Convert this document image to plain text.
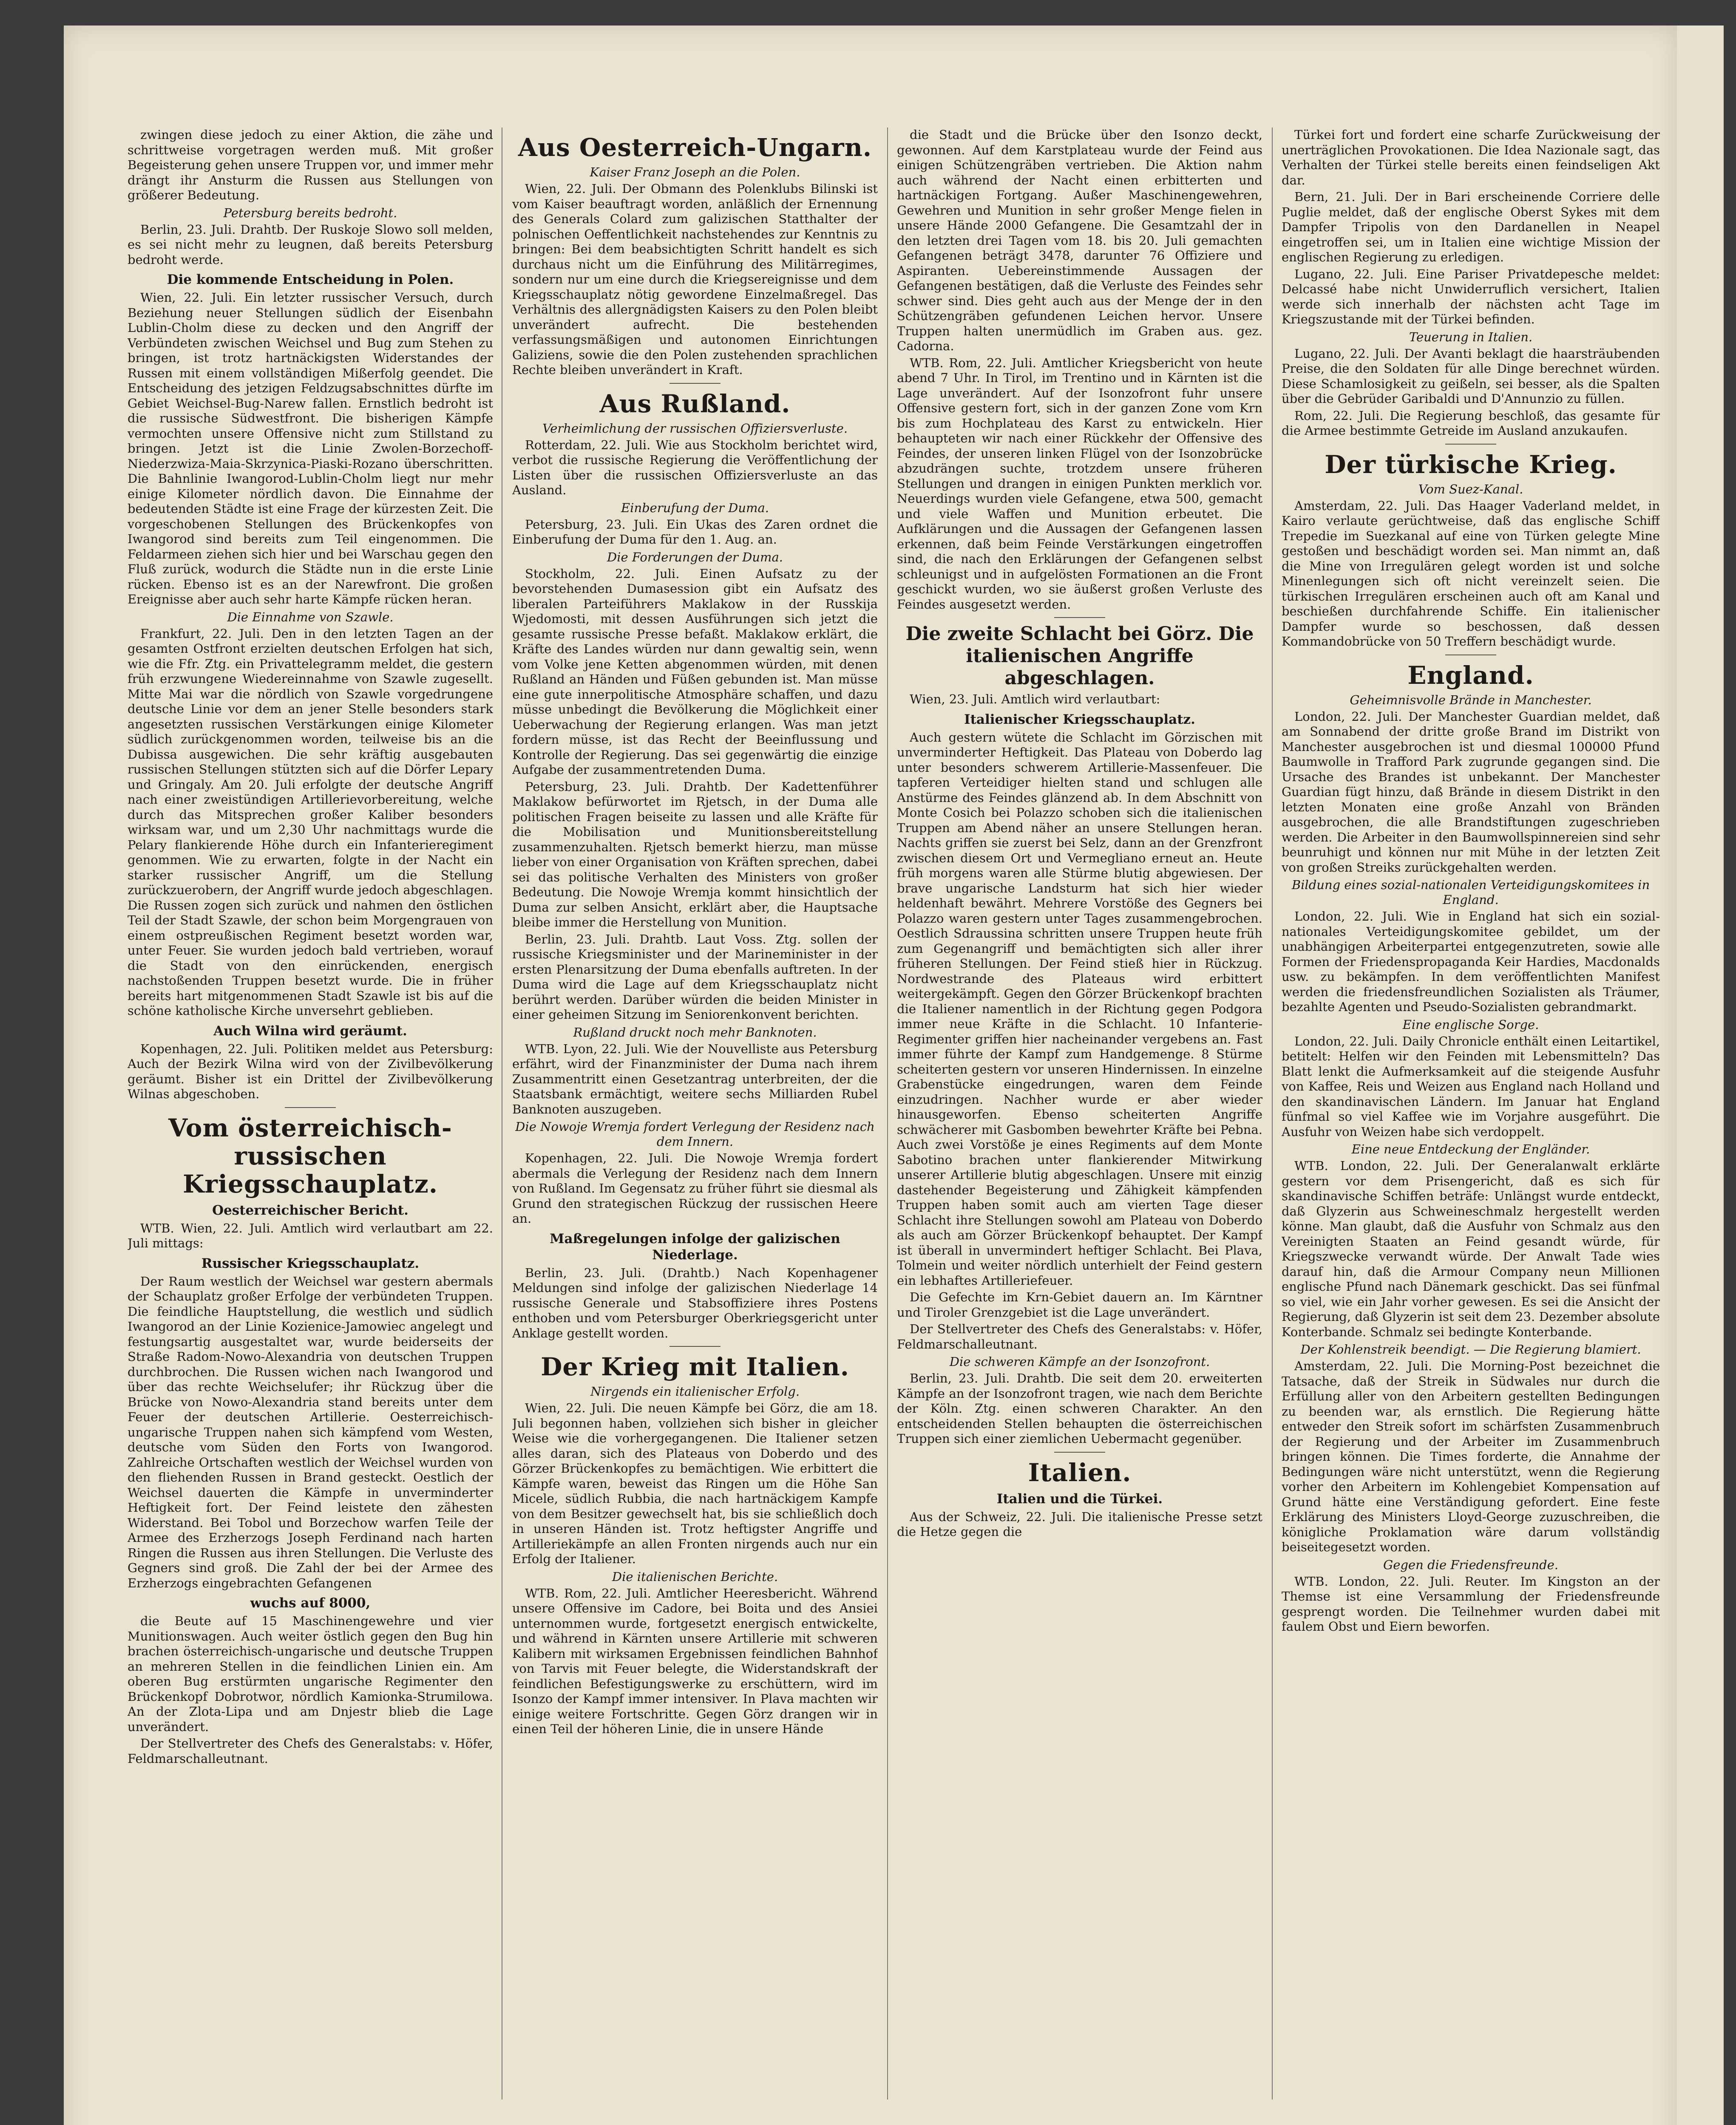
zwingen diese jedoch zu einer Aktion, die zähe und schrittweise vorgetragen werden muß. Mit großer Begeisterung gehen unsere Truppen vor, und immer mehr drängt ihr Ansturm die Russen aus Stellungen von größerer Bedeutung.

Petersburg bereits bedroht.

Berlin, 23. Juli. Drahtb. Der Ruskoje Slowo soll melden, es sei nicht mehr zu leugnen, daß bereits Petersburg bedroht werde.

Die kommende Entscheidung in Polen.

Wien, 22. Juli. Ein letzter russischer Versuch, durch Beziehung neuer Stellungen südlich der Eisenbahn Lublin-Cholm diese zu decken und den Angriff der Verbündeten zwischen Weichsel und Bug zum Stehen zu bringen, ist trotz hartnäckigsten Widerstandes der Russen mit einem vollständigen Mißerfolg geendet. Die Entscheidung des jetzigen Feldzugsabschnittes dürfte im Gebiet Weichsel-Bug-Narew fallen. Ernstlich bedroht ist die russische Südwestfront. Die bisherigen Kämpfe vermochten unsere Offensive nicht zum Stillstand zu bringen. Jetzt ist die Linie Zwolen-Borzechoff-Niederzwiza-Maia-Skrzynica-Piaski-Rozano überschritten. Die Bahnlinie Iwangorod-Lublin-Cholm liegt nur mehr einige Kilometer nördlich davon. Die Einnahme der bedeutenden Städte ist eine Frage der kürzesten Zeit. Die vorgeschobenen Stellungen des Brückenkopfes von Iwangorod sind bereits zum Teil eingenommen. Die Feldarmeen ziehen sich hier und bei Warschau gegen den Fluß zurück, wodurch die Städte nun in die erste Linie rücken. Ebenso ist es an der Narewfront. Die großen Ereignisse aber auch sehr harte Kämpfe rücken heran.

Die Einnahme von Szawle.

Frankfurt, 22. Juli. Den in den letzten Tagen an der gesamten Ostfront erzielten deutschen Erfolgen hat sich, wie die Ffr. Ztg. ein Privattelegramm meldet, die gestern früh erzwungene Wiedereinnahme von Szawle zugesellt. Mitte Mai war die nördlich von Szawle vorgedrungene deutsche Linie vor dem an jener Stelle besonders stark angesetzten russischen Verstärkungen einige Kilometer südlich zurückgenommen worden, teilweise bis an die Dubissa ausgewichen. Die sehr kräftig ausgebauten russischen Stellungen stützten sich auf die Dörfer Lepary und Gringaly. Am 20. Juli erfolgte der deutsche Angriff nach einer zweistündigen Artillerievorbereitung, welche durch das Mitsprechen großer Kaliber besonders wirksam war, und um 2,30 Uhr nachmittags wurde die Pelary flankierende Höhe durch ein Infanterieregiment genommen. Wie zu erwarten, folgte in der Nacht ein starker russischer Angriff, um die Stellung zurückzuerobern, der Angriff wurde jedoch abgeschlagen. Die Russen zogen sich zurück und nahmen den östlichen Teil der Stadt Szawle, der schon beim Morgengrauen von einem ostpreußischen Regiment besetzt worden war, unter Feuer. Sie wurden jedoch bald vertrieben, worauf die Stadt von den einrückenden, energisch nachstoßenden Truppen besetzt wurde. Die in früher bereits hart mitgenommenen Stadt Szawle ist bis auf die schöne katholische Kirche unversehrt geblieben.

Auch Wilna wird geräumt.

Kopenhagen, 22. Juli. Politiken meldet aus Petersburg: Auch der Bezirk Wilna wird von der Zivilbevölkerung geräumt. Bisher ist ein Drittel der Zivilbevölkerung Wilnas abgeschoben.

Vom österreichisch-russischen Kriegsschauplatz.
Oesterreichischer Bericht.

WTB. Wien, 22. Juli. Amtlich wird verlautbart am 22. Juli mittags:

Russischer Kriegsschauplatz.

Der Raum westlich der Weichsel war gestern abermals der Schauplatz großer Erfolge der verbündeten Truppen. Die feindliche Hauptstellung, die westlich und südlich Iwangorod an der Linie Kozienice-Jamowiec angelegt und festungsartig ausgestaltet war, wurde beiderseits der Straße Radom-Nowo-Alexandria von deutschen Truppen durchbrochen. Die Russen wichen nach Iwangorod und über das rechte Weichselufer; ihr Rückzug über die Brücke von Nowo-Alexandria stand bereits unter dem Feuer der deutschen Artillerie. Oesterreichisch-ungarische Truppen nahen sich kämpfend vom Westen, deutsche vom Süden den Forts von Iwangorod. Zahlreiche Ortschaften westlich der Weichsel wurden von den fliehenden Russen in Brand gesteckt. Oestlich der Weichsel dauerten die Kämpfe in unverminderter Heftigkeit fort. Der Feind leistete den zähesten Widerstand. Bei Tobol und Borzechow warfen Teile der Armee des Erzherzogs Joseph Ferdinand nach harten Ringen die Russen aus ihren Stellungen. Die Verluste des Gegners sind groß. Die Zahl der bei der Armee des Erzherzogs eingebrachten Gefangenen

wuchs auf 8000,

die Beute auf 15 Maschinengewehre und vier Munitionswagen. Auch weiter östlich gegen den Bug hin brachen österreichisch-ungarische und deutsche Truppen an mehreren Stellen in die feindlichen Linien ein. Am oberen Bug erstürmten ungarische Regimenter den Brückenkopf Dobrotwor, nördlich Kamionka-Strumilowa. An der Zlota-Lipa und am Dnjestr blieb die Lage unverändert.

Der Stellvertreter des Chefs des Generalstabs: v. Höfer, Feldmarschalleutnant.

Aus Oesterreich-Ungarn.
Kaiser Franz Joseph an die Polen.

Wien, 22. Juli. Der Obmann des Polenklubs Bilinski ist vom Kaiser beauftragt worden, anläßlich der Ernennung des Generals Colard zum galizischen Statthalter der polnischen Oeffentlichkeit nachstehendes zur Kenntnis zu bringen: Bei dem beabsichtigten Schritt handelt es sich durchaus nicht um die Einführung des Militärregimes, sondern nur um eine durch die Kriegsereignisse und dem Kriegsschauplatz nötig gewordene Einzelmaßregel. Das Verhältnis des allergnädigsten Kaisers zu den Polen bleibt unverändert aufrecht. Die bestehenden verfassungsmäßigen und autonomen Einrichtungen Galiziens, sowie die den Polen zustehenden sprachlichen Rechte bleiben unverändert in Kraft.

Aus Rußland.
Verheimlichung der russischen Offiziersverluste.

Rotterdam, 22. Juli. Wie aus Stockholm berichtet wird, verbot die russische Regierung die Veröffentlichung der Listen über die russischen Offiziersverluste an das Ausland.

Einberufung der Duma.

Petersburg, 23. Juli. Ein Ukas des Zaren ordnet die Einberufung der Duma für den 1. Aug. an.

Die Forderungen der Duma.

Stockholm, 22. Juli. Einen Aufsatz zu der bevorstehenden Dumasession gibt ein Aufsatz des liberalen Parteiführers Maklakow in der Russkija Wjedomosti, mit dessen Ausführungen sich jetzt die gesamte russische Presse befaßt. Maklakow erklärt, die Kräfte des Landes würden nur dann gewaltig sein, wenn vom Volke jene Ketten abgenommen würden, mit denen Rußland an Händen und Füßen gebunden ist. Man müsse eine gute innerpolitische Atmosphäre schaffen, und dazu müsse unbedingt die Bevölkerung die Möglichkeit einer Ueberwachung der Regierung erlangen. Was man jetzt fordern müsse, ist das Recht der Beeinflussung und Kontrolle der Regierung. Das sei gegenwärtig die einzige Aufgabe der zusammentretenden Duma.

Petersburg, 23. Juli. Drahtb. Der Kadettenführer Maklakow befürwortet im Rjetsch, in der Duma alle politischen Fragen beiseite zu lassen und alle Kräfte für die Mobilisation und Munitionsbereitstellung zusammenzuhalten. Rjetsch bemerkt hierzu, man müsse lieber von einer Organisation von Kräften sprechen, dabei sei das politische Verhalten des Ministers von großer Bedeutung. Die Nowoje Wremja kommt hinsichtlich der Duma zur selben Ansicht, erklärt aber, die Hauptsache bleibe immer die Herstellung von Munition.

Berlin, 23. Juli. Drahtb. Laut Voss. Ztg. sollen der russische Kriegsminister und der Marineminister in der ersten Plenarsitzung der Duma ebenfalls auftreten. In der Duma wird die Lage auf dem Kriegsschauplatz nicht berührt werden. Darüber würden die beiden Minister in einer geheimen Sitzung im Seniorenkonvent berichten.

Rußland druckt noch mehr Banknoten.

WTB. Lyon, 22. Juli. Wie der Nouvelliste aus Petersburg erfährt, wird der Finanzminister der Duma nach ihrem Zusammentritt einen Gesetzantrag unterbreiten, der die Staatsbank ermächtigt, weitere sechs Milliarden Rubel Banknoten auszugeben.

Die Nowoje Wremja fordert Verlegung der Residenz nach dem Innern.

Kopenhagen, 22. Juli. Die Nowoje Wremja fordert abermals die Verlegung der Residenz nach dem Innern von Rußland. Im Gegensatz zu früher führt sie diesmal als Grund den strategischen Rückzug der russischen Heere an.

Maßregelungen infolge der galizischen Niederlage.

Berlin, 23. Juli. (Drahtb.) Nach Kopenhagener Meldungen sind infolge der galizischen Niederlage 14 russische Generale und Stabsoffiziere ihres Postens enthoben und vom Petersburger Oberkriegsgericht unter Anklage gestellt worden.

Der Krieg mit Italien.
Nirgends ein italienischer Erfolg.

Wien, 22. Juli. Die neuen Kämpfe bei Görz, die am 18. Juli begonnen haben, vollziehen sich bisher in gleicher Weise wie die vorhergegangenen. Die Italiener setzen alles daran, sich des Plateaus von Doberdo und des Görzer Brückenkopfes zu bemächtigen. Wie erbittert die Kämpfe waren, beweist das Ringen um die Höhe San Micele, südlich Rubbia, die nach hartnäckigem Kampfe von dem Besitzer gewechselt hat, bis sie schließlich doch in unseren Händen ist. Trotz heftigster Angriffe und Artilleriekämpfe an allen Fronten nirgends auch nur ein Erfolg der Italiener.

Die italienischen Berichte.

WTB. Rom, 22. Juli. Amtlicher Heeresbericht. Während unsere Offensive im Cadore, bei Boita und des Ansiei unternommen wurde, fortgesetzt energisch entwickelte, und während in Kärnten unsere Artillerie mit schweren Kalibern mit wirksamen Ergebnissen feindlichen Bahnhof von Tarvis mit Feuer belegte, die Widerstandskraft der feindlichen Befestigungswerke zu erschüttern, wird im Isonzo der Kampf immer intensiver. In Plava machten wir einige weitere Fortschritte. Gegen Görz drangen wir in einen Teil der höheren Linie, die in unsere Hände

die Stadt und die Brücke über den Isonzo deckt, gewonnen. Auf dem Karstplateau wurde der Feind aus einigen Schützengräben vertrieben. Die Aktion nahm auch während der Nacht einen erbitterten und hartnäckigen Fortgang. Außer Maschinengewehren, Gewehren und Munition in sehr großer Menge fielen in unsere Hände 2000 Gefangene. Die Gesamtzahl der in den letzten drei Tagen vom 18. bis 20. Juli gemachten Gefangenen beträgt 3478, darunter 76 Offiziere und Aspiranten. Uebereinstimmende Aussagen der Gefangenen bestätigen, daß die Verluste des Feindes sehr schwer sind. Dies geht auch aus der Menge der in den Schützengräben gefundenen Leichen hervor. Unsere Truppen halten unermüdlich im Graben aus. gez. Cadorna.

WTB. Rom, 22. Juli. Amtlicher Kriegsbericht von heute abend 7 Uhr. In Tirol, im Trentino und in Kärnten ist die Lage unverändert. Auf der Isonzofront fuhr unsere Offensive gestern fort, sich in der ganzen Zone vom Krn bis zum Hochplateau des Karst zu entwickeln. Hier behaupteten wir nach einer Rückkehr der Offensive des Feindes, der unseren linken Flügel von der Isonzobrücke abzudrängen suchte, trotzdem unsere früheren Stellungen und drangen in einigen Punkten merklich vor. Neuerdings wurden viele Gefangene, etwa 500, gemacht und viele Waffen und Munition erbeutet. Die Aufklärungen und die Aussagen der Gefangenen lassen erkennen, daß beim Feinde Verstärkungen eingetroffen sind, die nach den Erklärungen der Gefangenen selbst schleunigst und in aufgelösten Formationen an die Front geschickt wurden, wo sie äußerst großen Verluste des Feindes ausgesetzt werden.

Die zweite Schlacht bei Görz. Die italienischen Angriffe abgeschlagen.

Wien, 23. Juli. Amtlich wird verlautbart:

Italienischer Kriegsschauplatz.

Auch gestern wütete die Schlacht im Görzischen mit unverminderter Heftigkeit. Das Plateau von Doberdo lag unter besonders schwerem Artillerie-Massenfeuer. Die tapferen Verteidiger hielten stand und schlugen alle Anstürme des Feindes glänzend ab. In dem Abschnitt von Monte Cosich bei Polazzo schoben sich die italienischen Truppen am Abend näher an unsere Stellungen heran. Nachts griffen sie zuerst bei Selz, dann an der Grenzfront zwischen diesem Ort und Vermegliano erneut an. Heute früh morgens waren alle Stürme blutig abgewiesen. Der brave ungarische Landsturm hat sich hier wieder heldenhaft bewährt. Mehrere Vorstöße des Gegners bei Polazzo waren gestern unter Tages zusammengebrochen. Oestlich Sdraussina schritten unsere Truppen heute früh zum Gegenangriff und bemächtigten sich aller ihrer früheren Stellungen. Der Feind stieß hier in Rückzug. Nordwestrande des Plateaus wird erbittert weitergekämpft. Gegen den Görzer Brückenkopf brachten die Italiener namentlich in der Richtung gegen Podgora immer neue Kräfte in die Schlacht. 10 Infanterie-Regimenter griffen hier nacheinander vergebens an. Fast immer führte der Kampf zum Handgemenge. 8 Stürme scheiterten gestern vor unseren Hindernissen. In einzelne Grabenstücke eingedrungen, waren dem Feinde einzudringen. Nachher wurde er aber wieder hinausgeworfen. Ebenso scheiterten Angriffe schwächerer mit Gasbomben bewehrter Kräfte bei Pebna. Auch zwei Vorstöße je eines Regiments auf dem Monte Sabotino brachen unter flankierender Mitwirkung unserer Artillerie blutig abgeschlagen. Unsere mit einzig dastehender Begeisterung und Zähigkeit kämpfenden Truppen haben somit auch am vierten Tage dieser Schlacht ihre Stellungen sowohl am Plateau von Doberdo als auch am Görzer Brückenkopf behauptet. Der Kampf ist überall in unvermindert heftiger Schlacht. Bei Plava, Tolmein und weiter nördlich unterhielt der Feind gestern ein lebhaftes Artilleriefeuer.

Die Gefechte im Krn-Gebiet dauern an. Im Kärntner und Tiroler Grenzgebiet ist die Lage unverändert.

Der Stellvertreter des Chefs des Generalstabs: v. Höfer, Feldmarschalleutnant.

Die schweren Kämpfe an der Isonzofront.

Berlin, 23. Juli. Drahtb. Die seit dem 20. erweiterten Kämpfe an der Isonzofront tragen, wie nach dem Berichte der Köln. Ztg. einen schweren Charakter. An den entscheidenden Stellen behaupten die österreichischen Truppen sich einer ziemlichen Uebermacht gegenüber.

Italien.
Italien und die Türkei.

Aus der Schweiz, 22. Juli. Die italienische Presse setzt die Hetze gegen die

Türkei fort und fordert eine scharfe Zurückweisung der unerträglichen Provokationen. Die Idea Nazionale sagt, das Verhalten der Türkei stelle bereits einen feindseligen Akt dar.

Bern, 21. Juli. Der in Bari erscheinende Corriere delle Puglie meldet, daß der englische Oberst Sykes mit dem Dampfer Tripolis von den Dardanellen in Neapel eingetroffen sei, um in Italien eine wichtige Mission der englischen Regierung zu erledigen.

Lugano, 22. Juli. Eine Pariser Privatdepesche meldet: Delcassé habe nicht Unwiderruflich versichert, Italien werde sich innerhalb der nächsten acht Tage im Kriegszustande mit der Türkei befinden.

Teuerung in Italien.

Lugano, 22. Juli. Der Avanti beklagt die haarsträubenden Preise, die den Soldaten für alle Dinge berechnet würden. Diese Schamlosigkeit zu geißeln, sei besser, als die Spalten über die Gebrüder Garibaldi und D'Annunzio zu füllen.

Rom, 22. Juli. Die Regierung beschloß, das gesamte für die Armee bestimmte Getreide im Ausland anzukaufen.

Der türkische Krieg.
Vom Suez-Kanal.

Amsterdam, 22. Juli. Das Haager Vaderland meldet, in Kairo verlaute gerüchtweise, daß das englische Schiff Trepedie im Suezkanal auf eine von Türken gelegte Mine gestoßen und beschädigt worden sei. Man nimmt an, daß die Mine von Irregulären gelegt worden ist und solche Minenlegungen sich oft nicht vereinzelt seien. Die türkischen Irregulären erscheinen auch oft am Kanal und beschießen durchfahrende Schiffe. Ein italienischer Dampfer wurde so beschossen, daß dessen Kommandobrücke von 50 Treffern beschädigt wurde.

England.
Geheimnisvolle Brände in Manchester.

London, 22. Juli. Der Manchester Guardian meldet, daß am Sonnabend der dritte große Brand im Distrikt von Manchester ausgebrochen ist und diesmal 100000 Pfund Baumwolle in Trafford Park zugrunde gegangen sind. Die Ursache des Brandes ist unbekannt. Der Manchester Guardian fügt hinzu, daß Brände in diesem Distrikt in den letzten Monaten eine große Anzahl von Bränden ausgebrochen, die alle Brandstiftungen zugeschrieben werden. Die Arbeiter in den Baumwollspinnereien sind sehr beunruhigt und können nur mit Mühe in der letzten Zeit von großen Streiks zurückgehalten werden.

Bildung eines sozial-nationalen Verteidigungskomitees in England.

London, 22. Juli. Wie in England hat sich ein sozial-nationales Verteidigungskomitee gebildet, um der unabhängigen Arbeiterpartei entgegenzutreten, sowie alle Formen der Friedenspropaganda Keir Hardies, Macdonalds usw. zu bekämpfen. In dem veröffentlichten Manifest werden die friedensfreundlichen Sozialisten als Träumer, bezahlte Agenten und Pseudo-Sozialisten gebrandmarkt.

Eine englische Sorge.

London, 22. Juli. Daily Chronicle enthält einen Leitartikel, betitelt: Helfen wir den Feinden mit Lebensmitteln? Das Blatt lenkt die Aufmerksamkeit auf die steigende Ausfuhr von Kaffee, Reis und Weizen aus England nach Holland und den skandinavischen Ländern. Im Januar hat England fünfmal so viel Kaffee wie im Vorjahre ausgeführt. Die Ausfuhr von Weizen habe sich verdoppelt.

Eine neue Entdeckung der Engländer.

WTB. London, 22. Juli. Der Generalanwalt erklärte gestern vor dem Prisengericht, daß es sich für skandinavische Schiffen beträfe: Unlängst wurde entdeckt, daß Glyzerin aus Schweineschmalz hergestellt werden könne. Man glaubt, daß die Ausfuhr von Schmalz aus den Vereinigten Staaten an Feind gesandt würde, für Kriegszwecke verwandt würde. Der Anwalt Tade wies darauf hin, daß die Armour Company neun Millionen englische Pfund nach Dänemark geschickt. Das sei fünfmal so viel, wie ein Jahr vorher gewesen. Es sei die Ansicht der Regierung, daß Glyzerin ist seit dem 23. Dezember absolute Konterbande. Schmalz sei bedingte Konterbande.

Der Kohlenstreik beendigt. — Die Regierung blamiert.

Amsterdam, 22. Juli. Die Morning-Post bezeichnet die Tatsache, daß der Streik in Südwales nur durch die Erfüllung aller von den Arbeitern gestellten Bedingungen zu beenden war, als ernstlich. Die Regierung hätte entweder den Streik sofort im schärfsten Zusammenbruch der Regierung und der Arbeiter im Zusammenbruch bringen können. Die Times forderte, die Annahme der Bedingungen wäre nicht unterstützt, wenn die Regierung vorher den Arbeitern im Kohlengebiet Kompensation auf Grund hätte eine Verständigung gefordert. Eine feste Erklärung des Ministers Lloyd-George zuzuschreiben, die königliche Proklamation wäre darum vollständig beiseitegesetzt worden.

Gegen die Friedensfreunde.

WTB. London, 22. Juli. Reuter. Im Kingston an der Themse ist eine Versammlung der Friedensfreunde gesprengt worden. Die Teilnehmer wurden dabei mit faulem Obst und Eiern beworfen.
